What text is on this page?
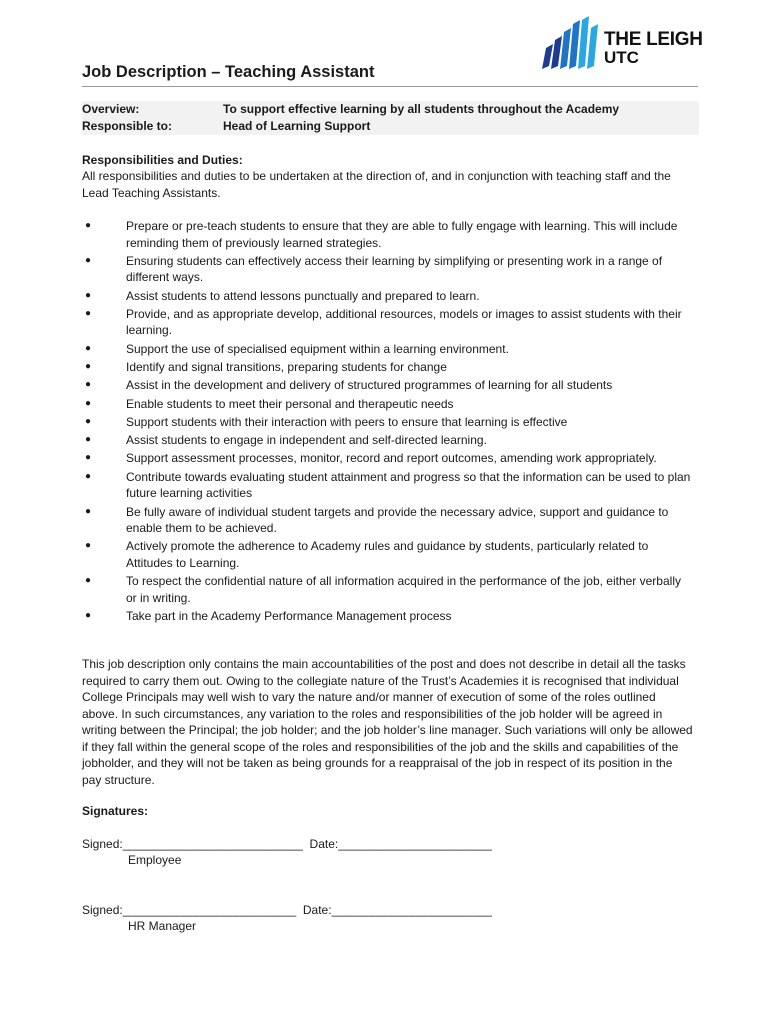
THE LEIGH
UTC
Job Description – Teaching Assistant
Overview:	To support effective learning by all students throughout the Academy
Responsible to:	Head of Learning Support
Responsibilities and Duties:
All responsibilities and duties to be undertaken at the direction of, and in conjunction with teaching staff and the Lead Teaching Assistants.
●	Prepare or pre-teach students to ensure that they are able to fully engage with learning. This will include reminding them of previously learned strategies.
●	Ensuring students can effectively access their learning by simplifying or presenting work in a range of different ways.
●	Assist students to attend lessons punctually and prepared to learn.
●	Provide, and as appropriate develop, additional resources, models or images to assist students with their learning.
●	Support the use of specialised equipment within a learning environment.
●	Identify and signal transitions, preparing students for change
●	Assist in the development and delivery of structured programmes of learning for all students
●	Enable students to meet their personal and therapeutic needs
●	Support students with their interaction with peers to ensure that learning is effective
●	Assist students to engage in independent and self-directed learning.
●	Support assessment processes, monitor, record and report outcomes, amending work appropriately.
●	Contribute towards evaluating student attainment and progress so that the information can be used to plan future learning activities
●	Be fully aware of individual student targets and provide the necessary advice, support and guidance to enable them to be achieved.
●	Actively promote the adherence to Academy rules and guidance by students, particularly related to Attitudes to Learning.
●	To respect the confidential nature of all information acquired in the performance of the job, either verbally or in writing.
●	Take part in the Academy Performance Management process
This job description only contains the main accountabilities of the post and does not describe in detail all the tasks required to carry them out. Owing to the collegiate nature of the Trust’s Academies it is recognised that individual College Principals may well wish to vary the nature and/or manner of execution of some of the roles outlined above. In such circumstances, any variation to the roles and responsibilities of the job holder will be agreed in writing between the Principal; the job holder; and the job holder’s line manager. Such variations will only be allowed if they fall within the general scope of the roles and responsibilities of the job and the skills and capabilities of the jobholder, and they will not be taken as being grounds for a reappraisal of the job in respect of its position in the pay structure.
Signatures:
Signed:___________________________  Date:_______________________
Employee
Signed:__________________________  Date:________________________
HR Manager
